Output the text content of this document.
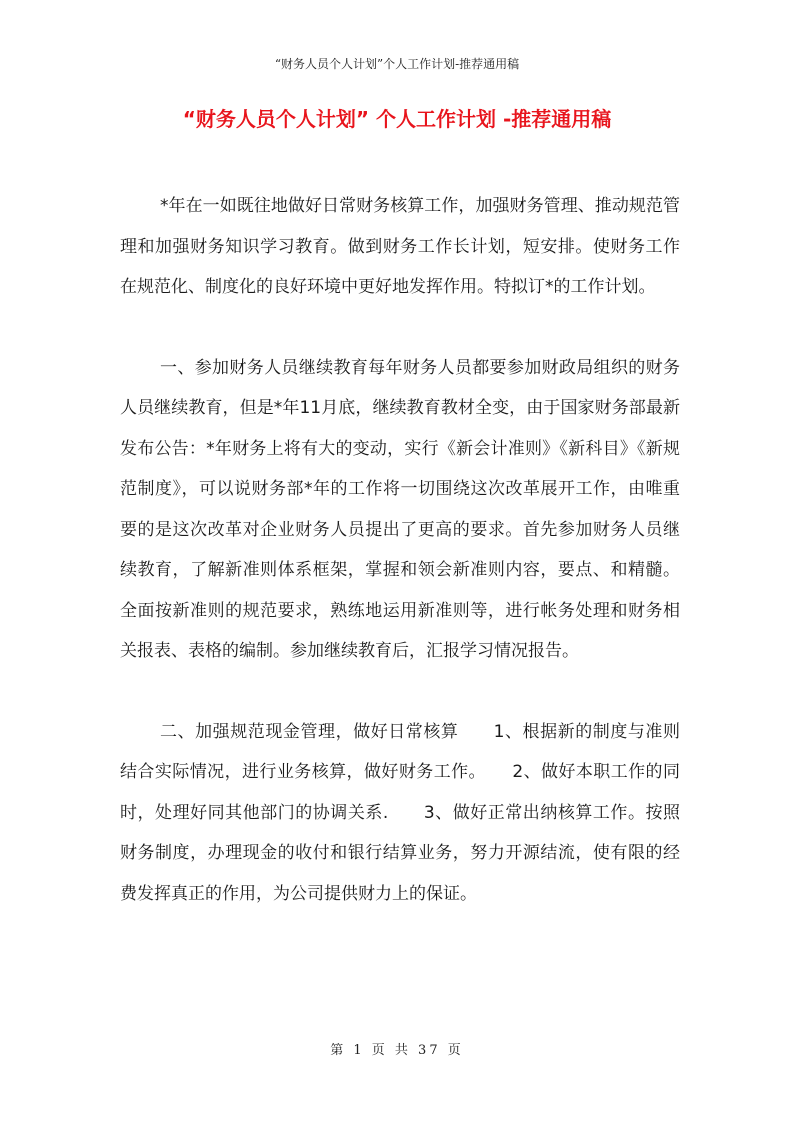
“财务人员个人计划”个人工作计划-推荐通用稿
“财务人员个人计划” 个人工作计划 -推荐通用稿

*年在一如既往地做好日常财务核算工作，加强财务管理、推动规范管理和加强财务知识学习教育。做到财务工作长计划，短安排。使财务工作在规范化、制度化的良好环境中更好地发挥作用。特拟订*的工作计划。

一、参加财务人员继续教育每年财务人员都要参加财政局组织的财务人员继续教育，但是*年11月底，继续教育教材全变，由于国家财务部最新发布公告：*年财务上将有大的变动，实行《新会计准则》《新科目》《新规范制度》，可以说财务部*年的工作将一切围绕这次改革展开工作，由唯重要的是这次改革对企业财务人员提出了更高的要求。首先参加财务人员继续教育，了解新准则体系框架，掌握和领会新准则内容，要点、和精髓。全面按新准则的规范要求，熟练地运用新准则等，进行帐务处理和财务相关报表、表格的编制。参加继续教育后，汇报学习情况报告。

二、加强规范现金管理，做好日常核算　　1、根据新的制度与准则结合实际情况，进行业务核算，做好财务工作。　　2、做好本职工作的同时，处理好同其他部门的协调关系.　　3、做好正常出纳核算工作。按照财务制度，办理现金的收付和银行结算业务，努力开源结流，使有限的经费发挥真正的作用，为公司提供财力上的保证。

第 1 页 共 37 页
